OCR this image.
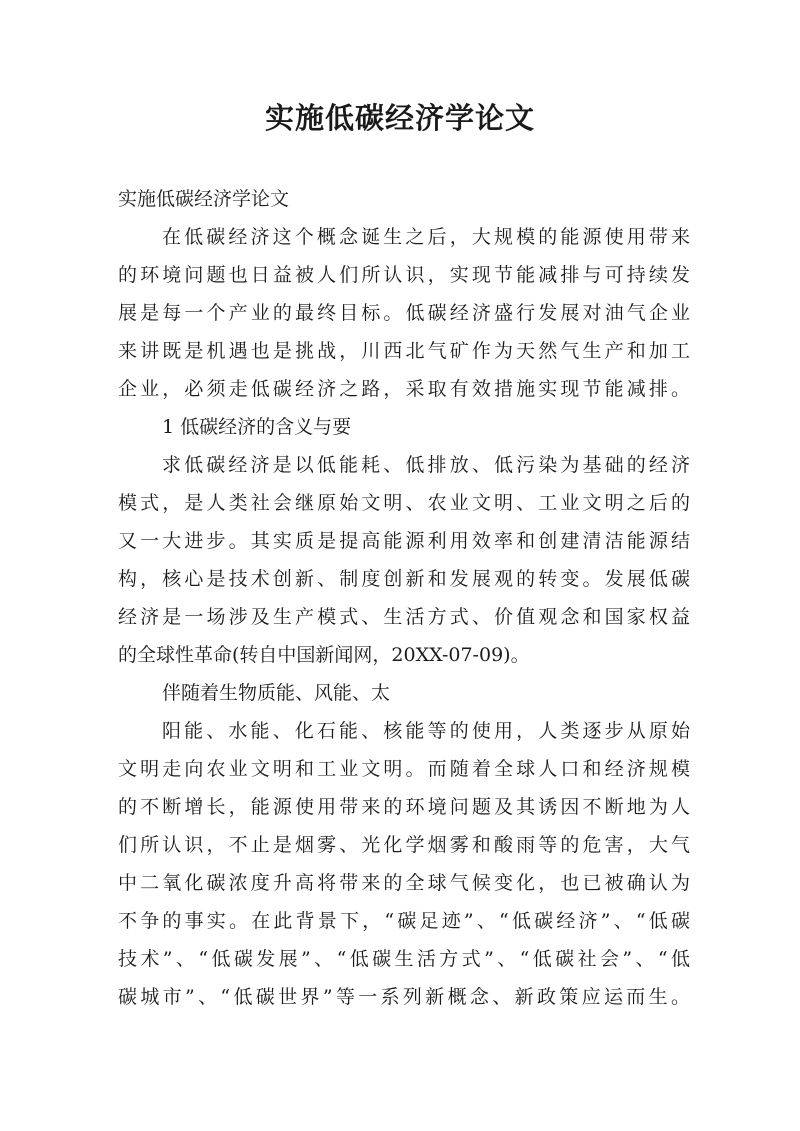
实施低碳经济学论文

实施低碳经济学论文

在低碳经济这个概念诞生之后，大规模的能源使用带来

的环境问题也日益被人们所认识，实现节能减排与可持续发

展是每一个产业的最终目标。低碳经济盛行发展对油气企业

来讲既是机遇也是挑战，川西北气矿作为天然气生产和加工

企业，必须走低碳经济之路，采取有效措施实现节能减排。

1 低碳经济的含义与要

求低碳经济是以低能耗、低排放、低污染为基础的经济

模式，是人类社会继原始文明、农业文明、工业文明之后的

又一大进步。其实质是提高能源利用效率和创建清洁能源结

构，核心是技术创新、制度创新和发展观的转变。发展低碳

经济是一场涉及生产模式、生活方式、价值观念和国家权益

的全球性革命(转自中国新闻网，20XX-07-09)。

伴随着生物质能、风能、太

阳能、水能、化石能、核能等的使用，人类逐步从原始

文明走向农业文明和工业文明。而随着全球人口和经济规模

的不断增长，能源使用带来的环境问题及其诱因不断地为人

们所认识，不止是烟雾、光化学烟雾和酸雨等的危害，大气

中二氧化碳浓度升高将带来的全球气候变化，也已被确认为

不争的事实。在此背景下，“碳足迹”、“低碳经济”、“低碳

技术”、“低碳发展”、“低碳生活方式”、“低碳社会”、“低

碳城市”、“低碳世界”等一系列新概念、新政策应运而生。
